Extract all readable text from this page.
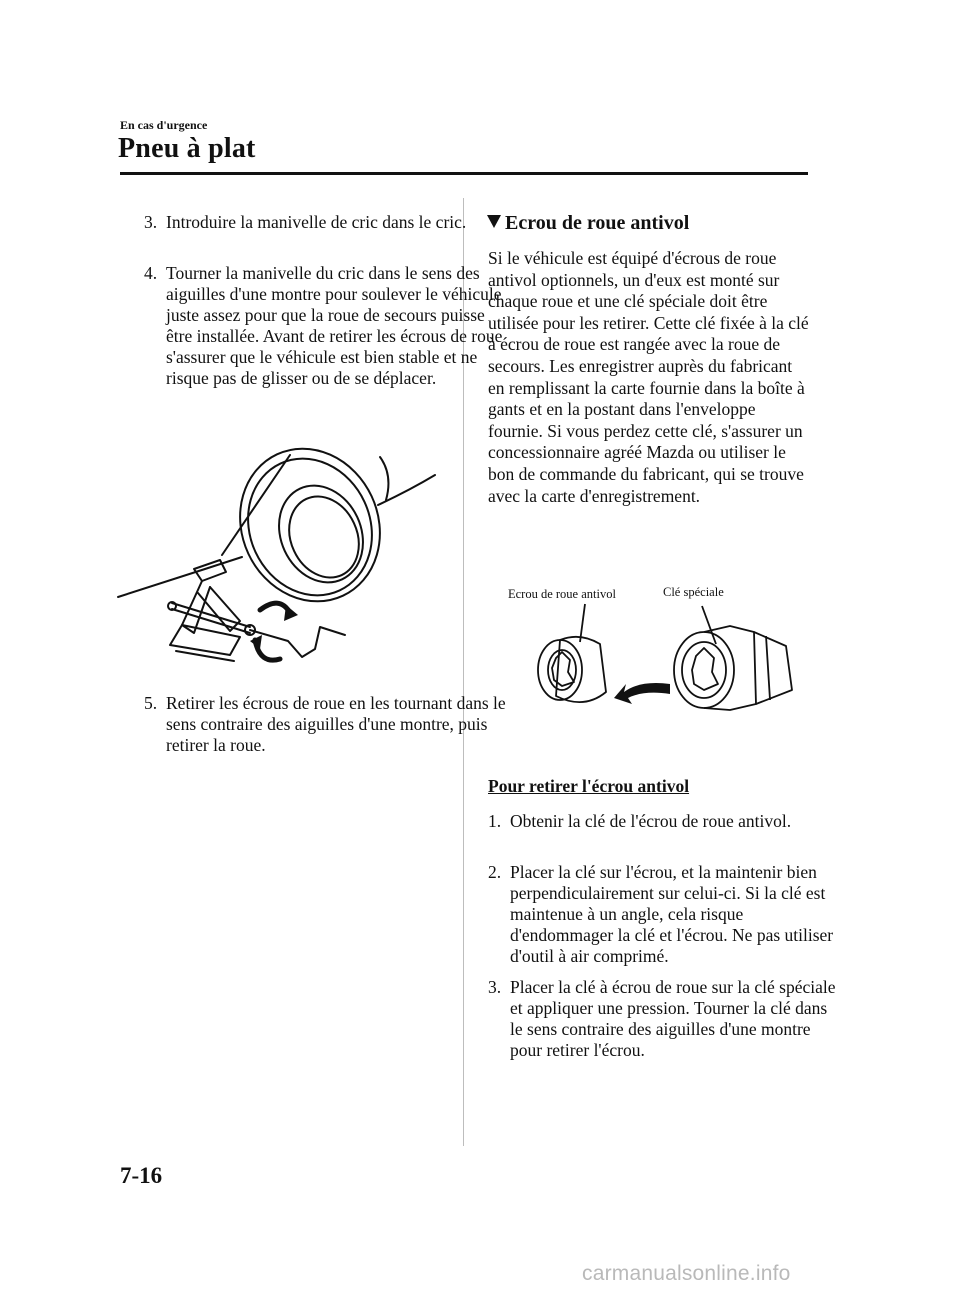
En cas d'urgence
Pneu à plat
3. Introduire la manivelle de cric dans le cric.
4. Tourner la manivelle du cric dans le sens des aiguilles d'une montre pour soulever le véhicule juste assez pour que la roue de secours puisse être installée. Avant de retirer les écrous de roue s'assurer que le véhicule est bien stable et ne risque pas de glisser ou de se déplacer.
5. Retirer les écrous de roue en les tournant dans le sens contraire des aiguilles d'une montre, puis retirer la roue.
Ecrou de roue antivol
Si le véhicule est équipé d'écrous de roue antivol optionnels, un d'eux est monté sur chaque roue et une clé spéciale doit être utilisée pour les retirer. Cette clé fixée à la clé à écrou de roue est rangée avec la roue de secours. Les enregistrer auprès du fabricant en remplissant la carte fournie dans la boîte à gants et en la postant dans l'enveloppe fournie. Si vous perdez cette clé, s'assurer un concessionnaire agréé Mazda ou utiliser le bon de commande du fabricant, qui se trouve avec la carte d'enregistrement.
Ecrou de roue antivol	Clé spéciale
Pour retirer l'écrou antivol
1. Obtenir la clé de l'écrou de roue antivol.
2. Placer la clé sur l'écrou, et la maintenir bien perpendiculairement sur celui-ci. Si la clé est maintenue à un angle, cela risque d'endommager la clé et l'écrou. Ne pas utiliser d'outil à air comprimé.
3. Placer la clé à écrou de roue sur la clé spéciale et appliquer une pression. Tourner la clé dans le sens contraire des aiguilles d'une montre pour retirer l'écrou.
7-16
carmanualsonline.info
